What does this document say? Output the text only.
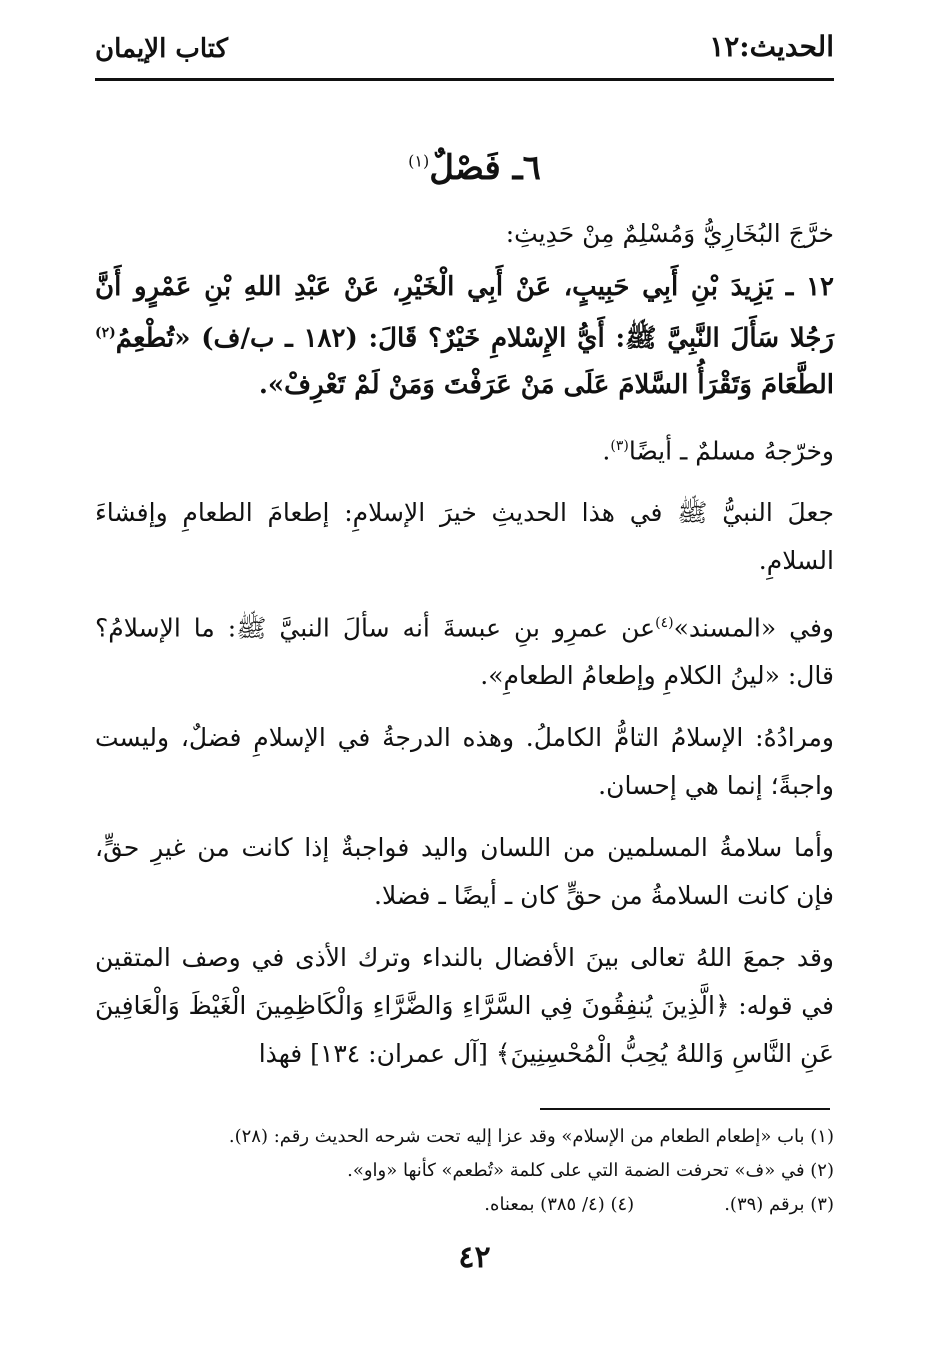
الحديث:١٢
كتاب الإيمان
٦ـ فَصْلٌ$^{(١)}$

خرَّجَ البُخَارِيُّ وَمُسْلِمٌ مِنْ حَدِيثِ:

١٢ ـ يَزِيدَ بْنِ أَبِي حَبِيبٍ، عَنْ أَبِي الْخَيْرِ، عَنْ عَبْدِ اللهِ بْنِ عَمْرٍو أَنَّ رَجُلا سَأَلَ النَّبِيَّ ﷺ: أَيُّ الإِسْلامِ خَيْرٌ؟ قَالَ: (١٨٢ ـ ب/ف) «تُطْعِمُ$^{(٢)}$ الطَّعَامَ وَتَقْرَأُ السَّلامَ عَلَى مَنْ عَرَفْتَ وَمَنْ لَمْ تَعْرِفْ».

وخرّجهُ مسلمٌ ـ أيضًا$^{(٣)}$.

جعلَ النبيُّ ﷺ في هذا الحديثِ خيرَ الإسلامِ: إطعامَ الطعامِ وإفشاءَ السلامِ.

وفي «المسند»$^{(٤)}$عن عمرِو بنِ عبسةَ أنه سألَ النبيَّ ﷺ: ما الإسلامُ؟ قال: «لينُ الكلامِ وإطعامُ الطعامِ».

ومرادُهُ: الإسلامُ التامُّ الكاملُ. وهذه الدرجةُ في الإسلامِ فضلٌ، وليست واجبةً؛ إنما هي إحسان.

وأما سلامةُ المسلمين من اللسان واليد فواجبةٌ إذا كانت من غيرِ حقٍّ، فإن كانت السلامةُ من حقٍّ كان ـ أيضًا ـ فضلا.

وقد جمعَ اللهُ تعالى بينَ الأفضال بالنداء وترك الأذى في وصف المتقين في قوله: ﴿الَّذِينَ يُنفِقُونَ فِي السَّرَّاءِ وَالضَّرَّاءِ وَالْكَاظِمِينَ الْغَيْظَ وَالْعَافِينَ عَنِ النَّاسِ وَاللهُ يُحِبُّ الْمُحْسِنِينَ﴾ [آل عمران: ١٣٤] فهذا

(١) باب «إطعام الطعام من الإسلام» وقد عزا إليه تحت شرحه الحديث رقم: (٢٨).
(٢) في «ف» تحرفت الضمة التي على كلمة «تُطعم» كأنها «واو».
(٣) برقم (٣٩).
(٤) (٤/ ٣٨٥) بمعناه.
٤٢
